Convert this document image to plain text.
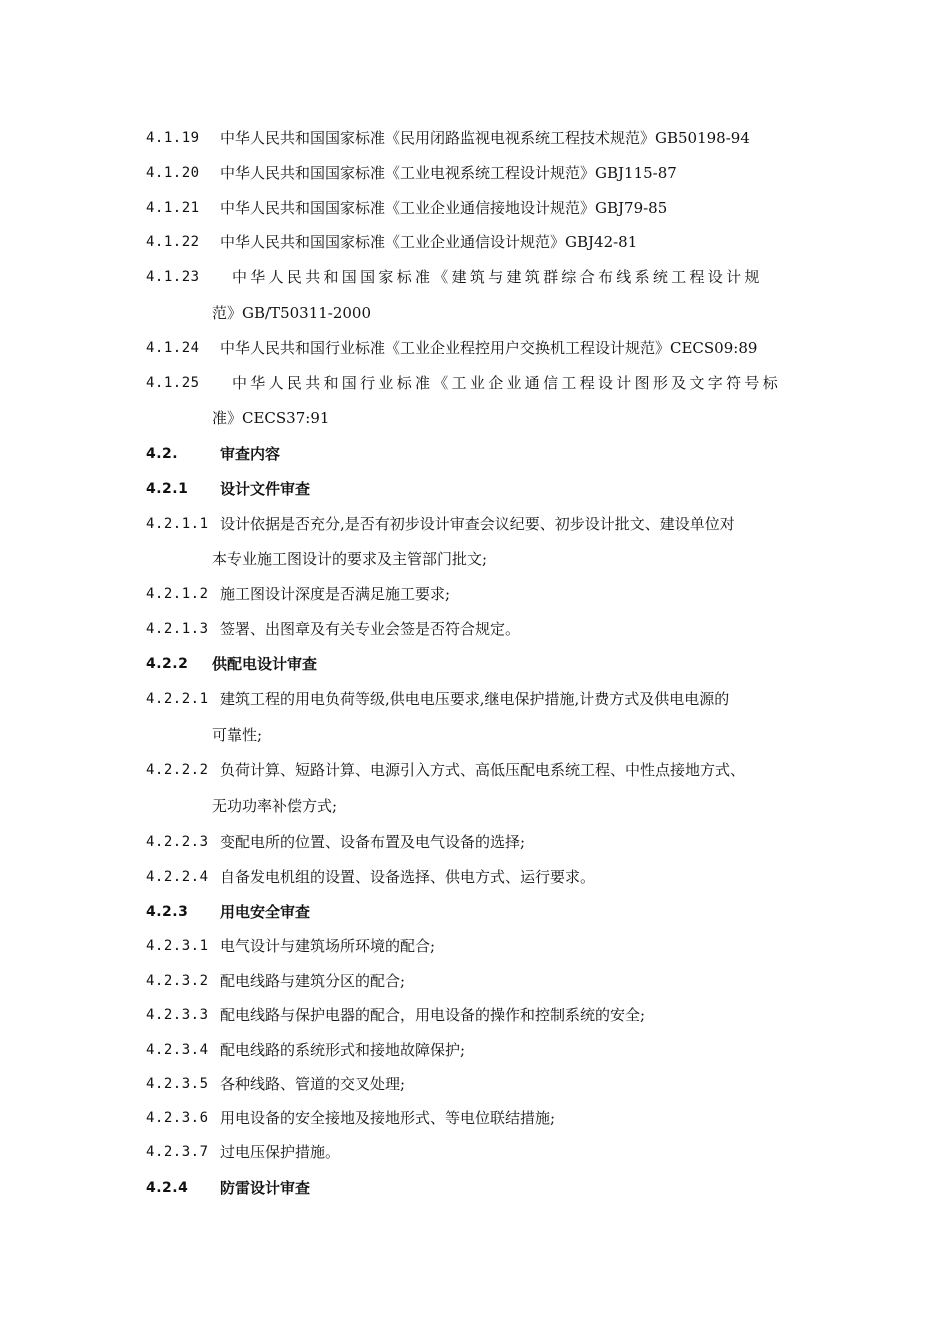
4.1.19 中华人民共和国国家标准《民用闭路监视电视系统工程技术规范》GB50198-94
4.1.20 中华人民共和国国家标准《工业电视系统工程设计规范》GBJ115-87
4.1.21 中华人民共和国国家标准《工业企业通信接地设计规范》GBJ79-85
4.1.22 中华人民共和国国家标准《工业企业通信设计规范》GBJ42-81
4.1.23 中华人民共和国国家标准《建筑与建筑群综合布线系统工程设计规
范》GB/T50311-2000
4.1.24 中华人民共和国行业标准《工业企业程控用户交换机工程设计规范》CECS09:89
4.1.25 中华人民共和国行业标准《工业企业通信工程设计图形及文字符号标
准》CECS37:91
4.2.	审查内容
4.2.1 设计文件审查
4.2.1.1 设计依据是否充分,是否有初步设计审查会议纪要、初步设计批文、建设单位对
本专业施工图设计的要求及主管部门批文;
4.2.1.2 施工图设计深度是否满足施工要求;
4.2.1.3 签署、出图章及有关专业会签是否符合规定。
4.2.2 供配电设计审查
4.2.2.1 建筑工程的用电负荷等级,供电电压要求,继电保护措施,计费方式及供电电源的
可靠性;
4.2.2.2 负荷计算、短路计算、电源引入方式、高低压配电系统工程、中性点接地方式、
无功功率补偿方式;
4.2.2.3 变配电所的位置、设备布置及电气设备的选择;
4.2.2.4 自备发电机组的设置、设备选择、供电方式、运行要求。
4.2.3 用电安全审查
4.2.3.1 电气设计与建筑场所环境的配合;
4.2.3.2 配电线路与建筑分区的配合;
4.2.3.3 配电线路与保护电器的配合，用电设备的操作和控制系统的安全;
4.2.3.4 配电线路的系统形式和接地故障保护;
4.2.3.5 各种线路、管道的交叉处理;
4.2.3.6 用电设备的安全接地及接地形式、等电位联结措施;
4.2.3.7 过电压保护措施。
4.2.4 防雷设计审查
